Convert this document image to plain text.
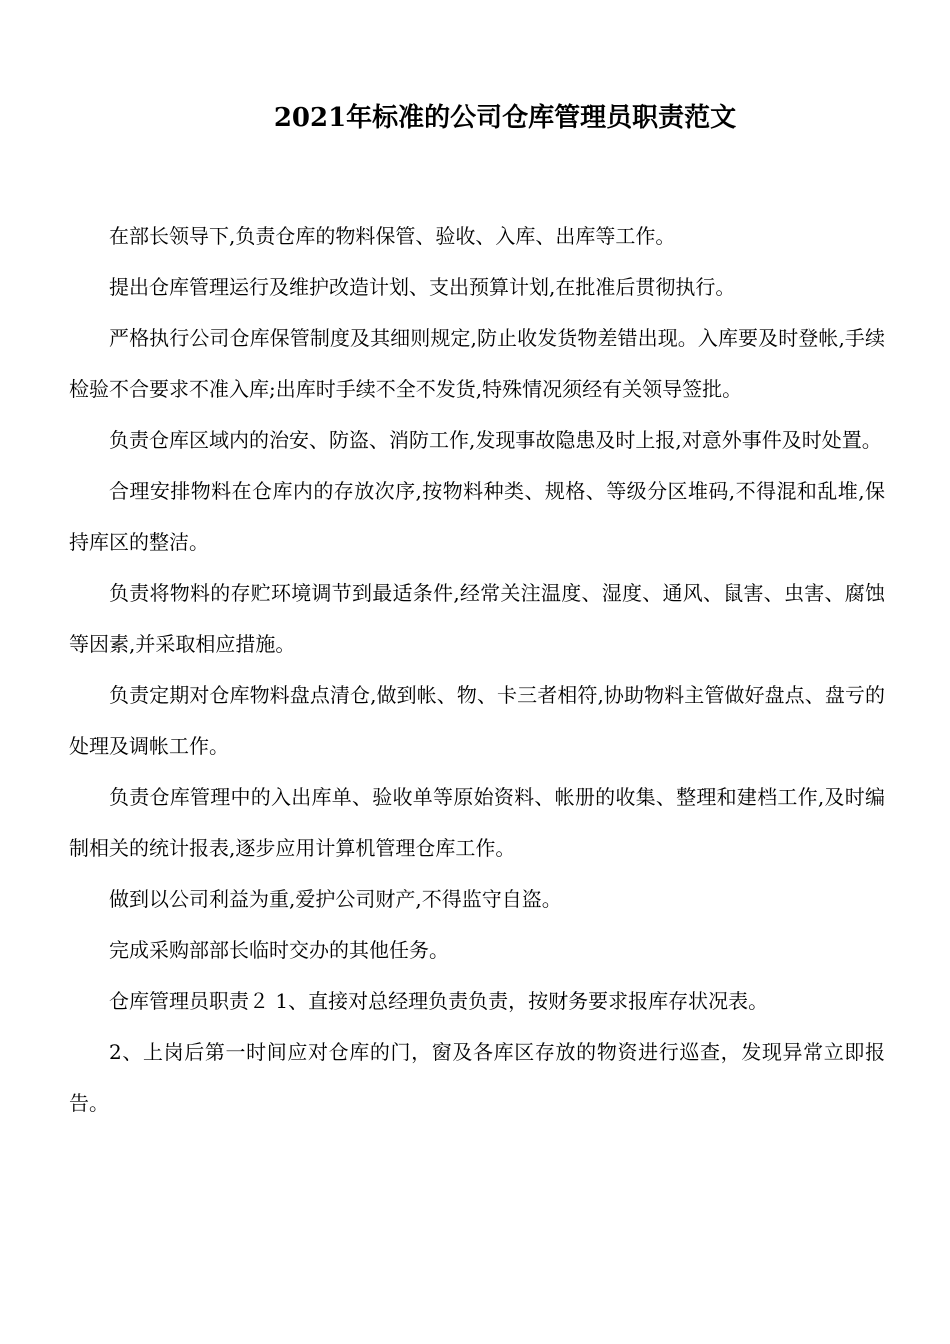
2021年标准的公司仓库管理员职责范文

在部长领导下,负责仓库的物料保管、验收、入库、出库等工作。

提出仓库管理运行及维护改造计划、支出预算计划,在批准后贯彻执行。

严格执行公司仓库保管制度及其细则规定,防止收发货物差错出现。入库要及时登帐,手续检验不合要求不准入库;出库时手续不全不发货,特殊情况须经有关领导签批。

负责仓库区域内的治安、防盗、消防工作,发现事故隐患及时上报,对意外事件及时处置。

合理安排物料在仓库内的存放次序,按物料种类、规格、等级分区堆码,不得混和乱堆,保持库区的整洁。

负责将物料的存贮环境调节到最适条件,经常关注温度、湿度、通风、鼠害、虫害、腐蚀等因素,并采取相应措施。

负责定期对仓库物料盘点清仓,做到帐、物、卡三者相符,协助物料主管做好盘点、盘亏的处理及调帐工作。

负责仓库管理中的入出库单、验收单等原始资料、帐册的收集、整理和建档工作,及时编制相关的统计报表,逐步应用计算机管理仓库工作。

做到以公司利益为重,爱护公司财产,不得监守自盗。

完成采购部部长临时交办的其他任务。

仓库管理员职责２ 1、直接对总经理负责负责，按财务要求报库存状况表。

2、上岗后第一时间应对仓库的门，窗及各库区存放的物资进行巡查，发现异常立即报告。
